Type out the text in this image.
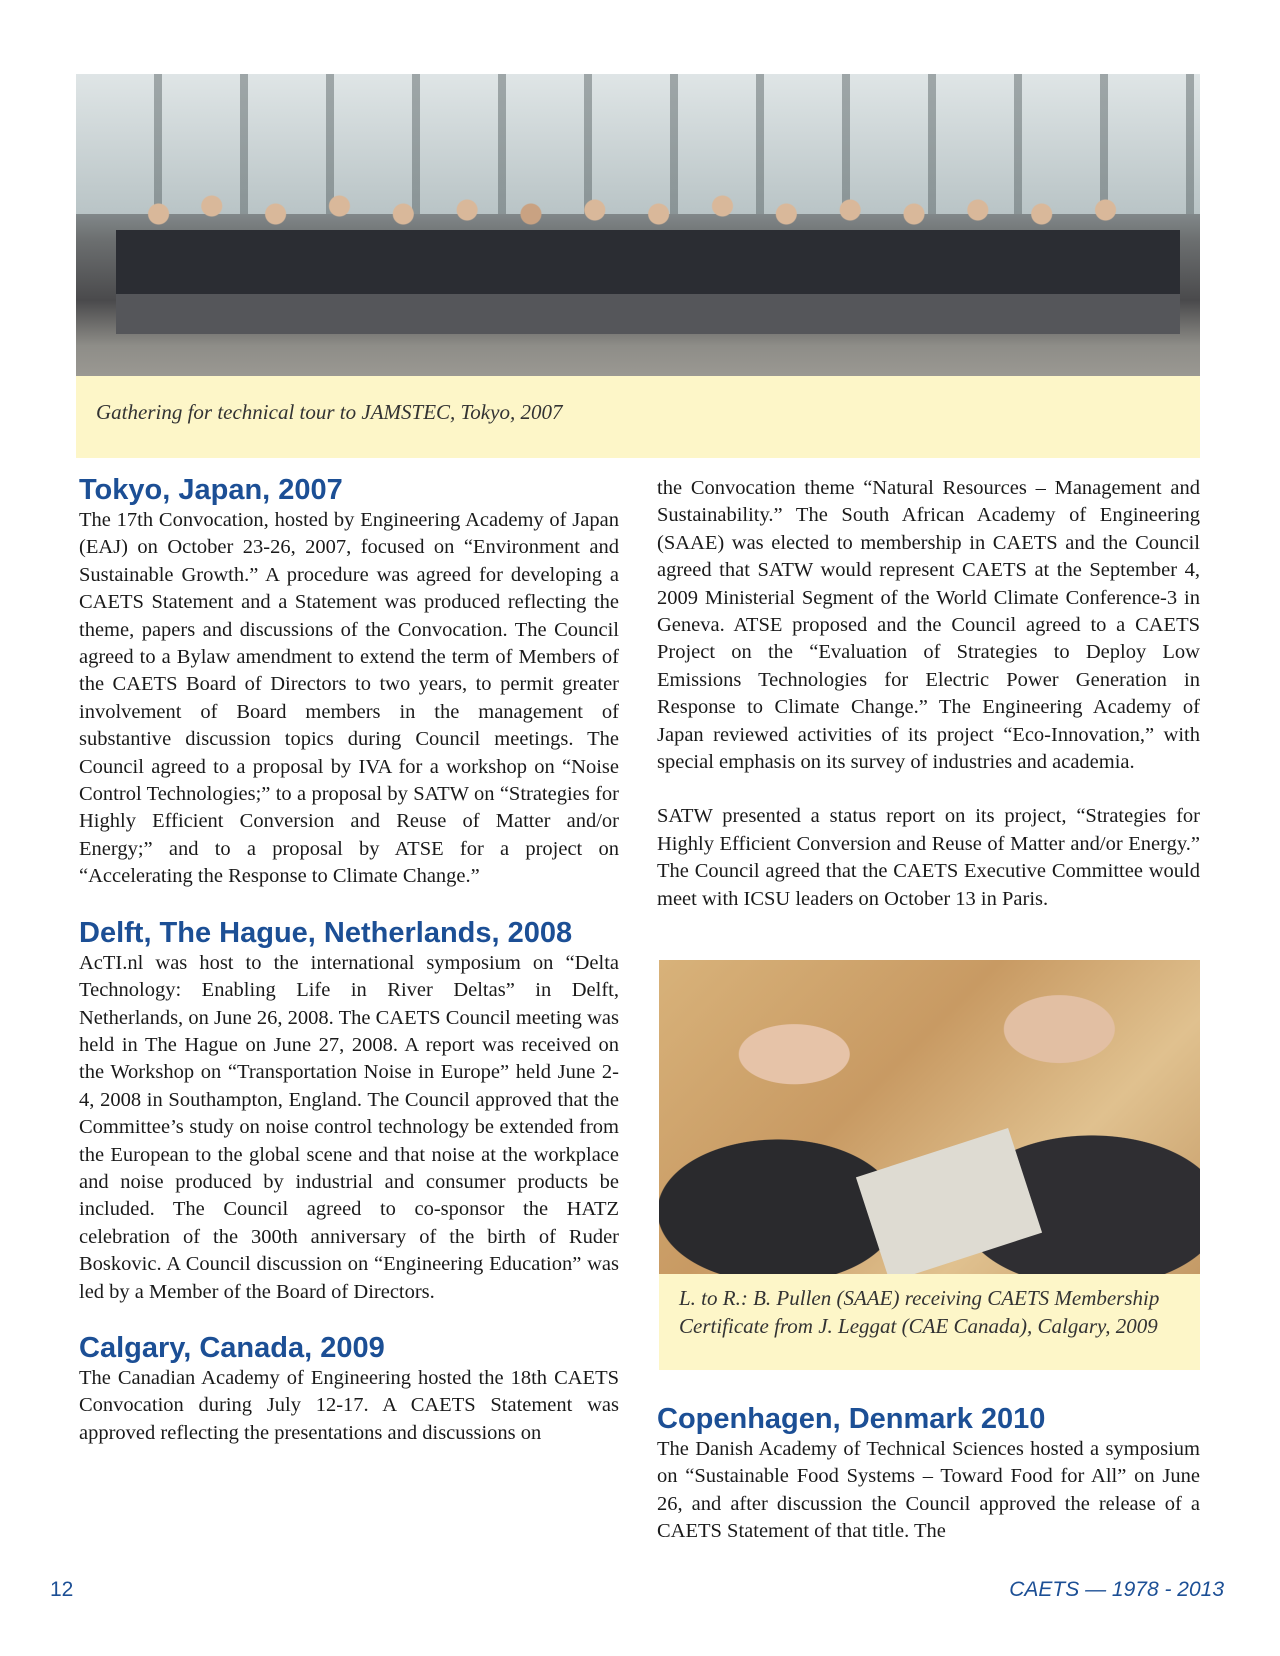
Gathering for technical tour to JAMSTEC, Tokyo, 2007
Tokyo, Japan, 2007

The 17th Convocation, hosted by Engineering Academy of Japan (EAJ) on October 23-26, 2007, focused on “Environment and Sustainable Growth.” A procedure was agreed for developing a CAETS Statement and a Statement was produced reflecting the theme, papers and discussions of the Convocation. The Council agreed to a Bylaw amendment to extend the term of Members of the CAETS Board of Directors to two years, to permit greater involvement of Board members in the management of substantive discussion topics during Council meetings. The Council agreed to a proposal by IVA for a workshop on “Noise Control Technologies;” to a proposal by SATW on “Strategies for Highly Efficient Conversion and Reuse of Matter and/or Energy;” and to a proposal by ATSE for a project on “Accelerating the Response to Climate Change.”

Delft, The Hague, Netherlands, 2008

AcTI.nl was host to the international symposium on “Delta Technology: Enabling Life in River Deltas” in Delft, Netherlands, on June 26, 2008. The CAETS Council meeting was held in The Hague on June 27, 2008. A report was received on the Workshop on “Transportation Noise in Europe” held June 2-4, 2008 in Southampton, England. The Council approved that the Committee’s study on noise control technology be extended from the European to the global scene and that noise at the workplace and noise produced by industrial and consumer products be included. The Council agreed to co-sponsor the HATZ celebration of the 300th anniversary of the birth of Ruder Boskovic. A Council discussion on “Engineering Education” was led by a Member of the Board of Directors.

Calgary, Canada, 2009

The Canadian Academy of Engineering hosted the 18th CAETS Convocation during July 12-17. A CAETS Statement was approved reflecting the presentations and discussions on

the Convocation theme “Natural Resources – Management and Sustainability.” The South African Academy of Engineering (SAAE) was elected to membership in CAETS and the Council agreed that SATW would represent CAETS at the September 4, 2009 Ministerial Segment of the World Climate Conference-3 in Geneva. ATSE proposed and the Council agreed to a CAETS Project on the “Evaluation of Strategies to Deploy Low Emissions Technologies for Electric Power Generation in Response to Climate Change.” The Engineering Academy of Japan reviewed activities of its project “Eco-Innovation,” with special emphasis on its survey of industries and academia.

SATW presented a status report on its project, “Strategies for Highly Efficient Conversion and Reuse of Matter and/or Energy.” The Council agreed that the CAETS Executive Committee would meet with ICSU leaders on October 13 in Paris.

L. to R.: B. Pullen (SAAE) receiving CAETS Membership Certificate from J. Leggat (CAE Canada), Calgary, 2009
Copenhagen, Denmark 2010

The Danish Academy of Technical Sciences hosted a symposium on “Sustainable Food Systems – Toward Food for All” on June 26, and after discussion the Council approved the release of a CAETS Statement of that title. The

12	CAETS — 1978 - 2013
